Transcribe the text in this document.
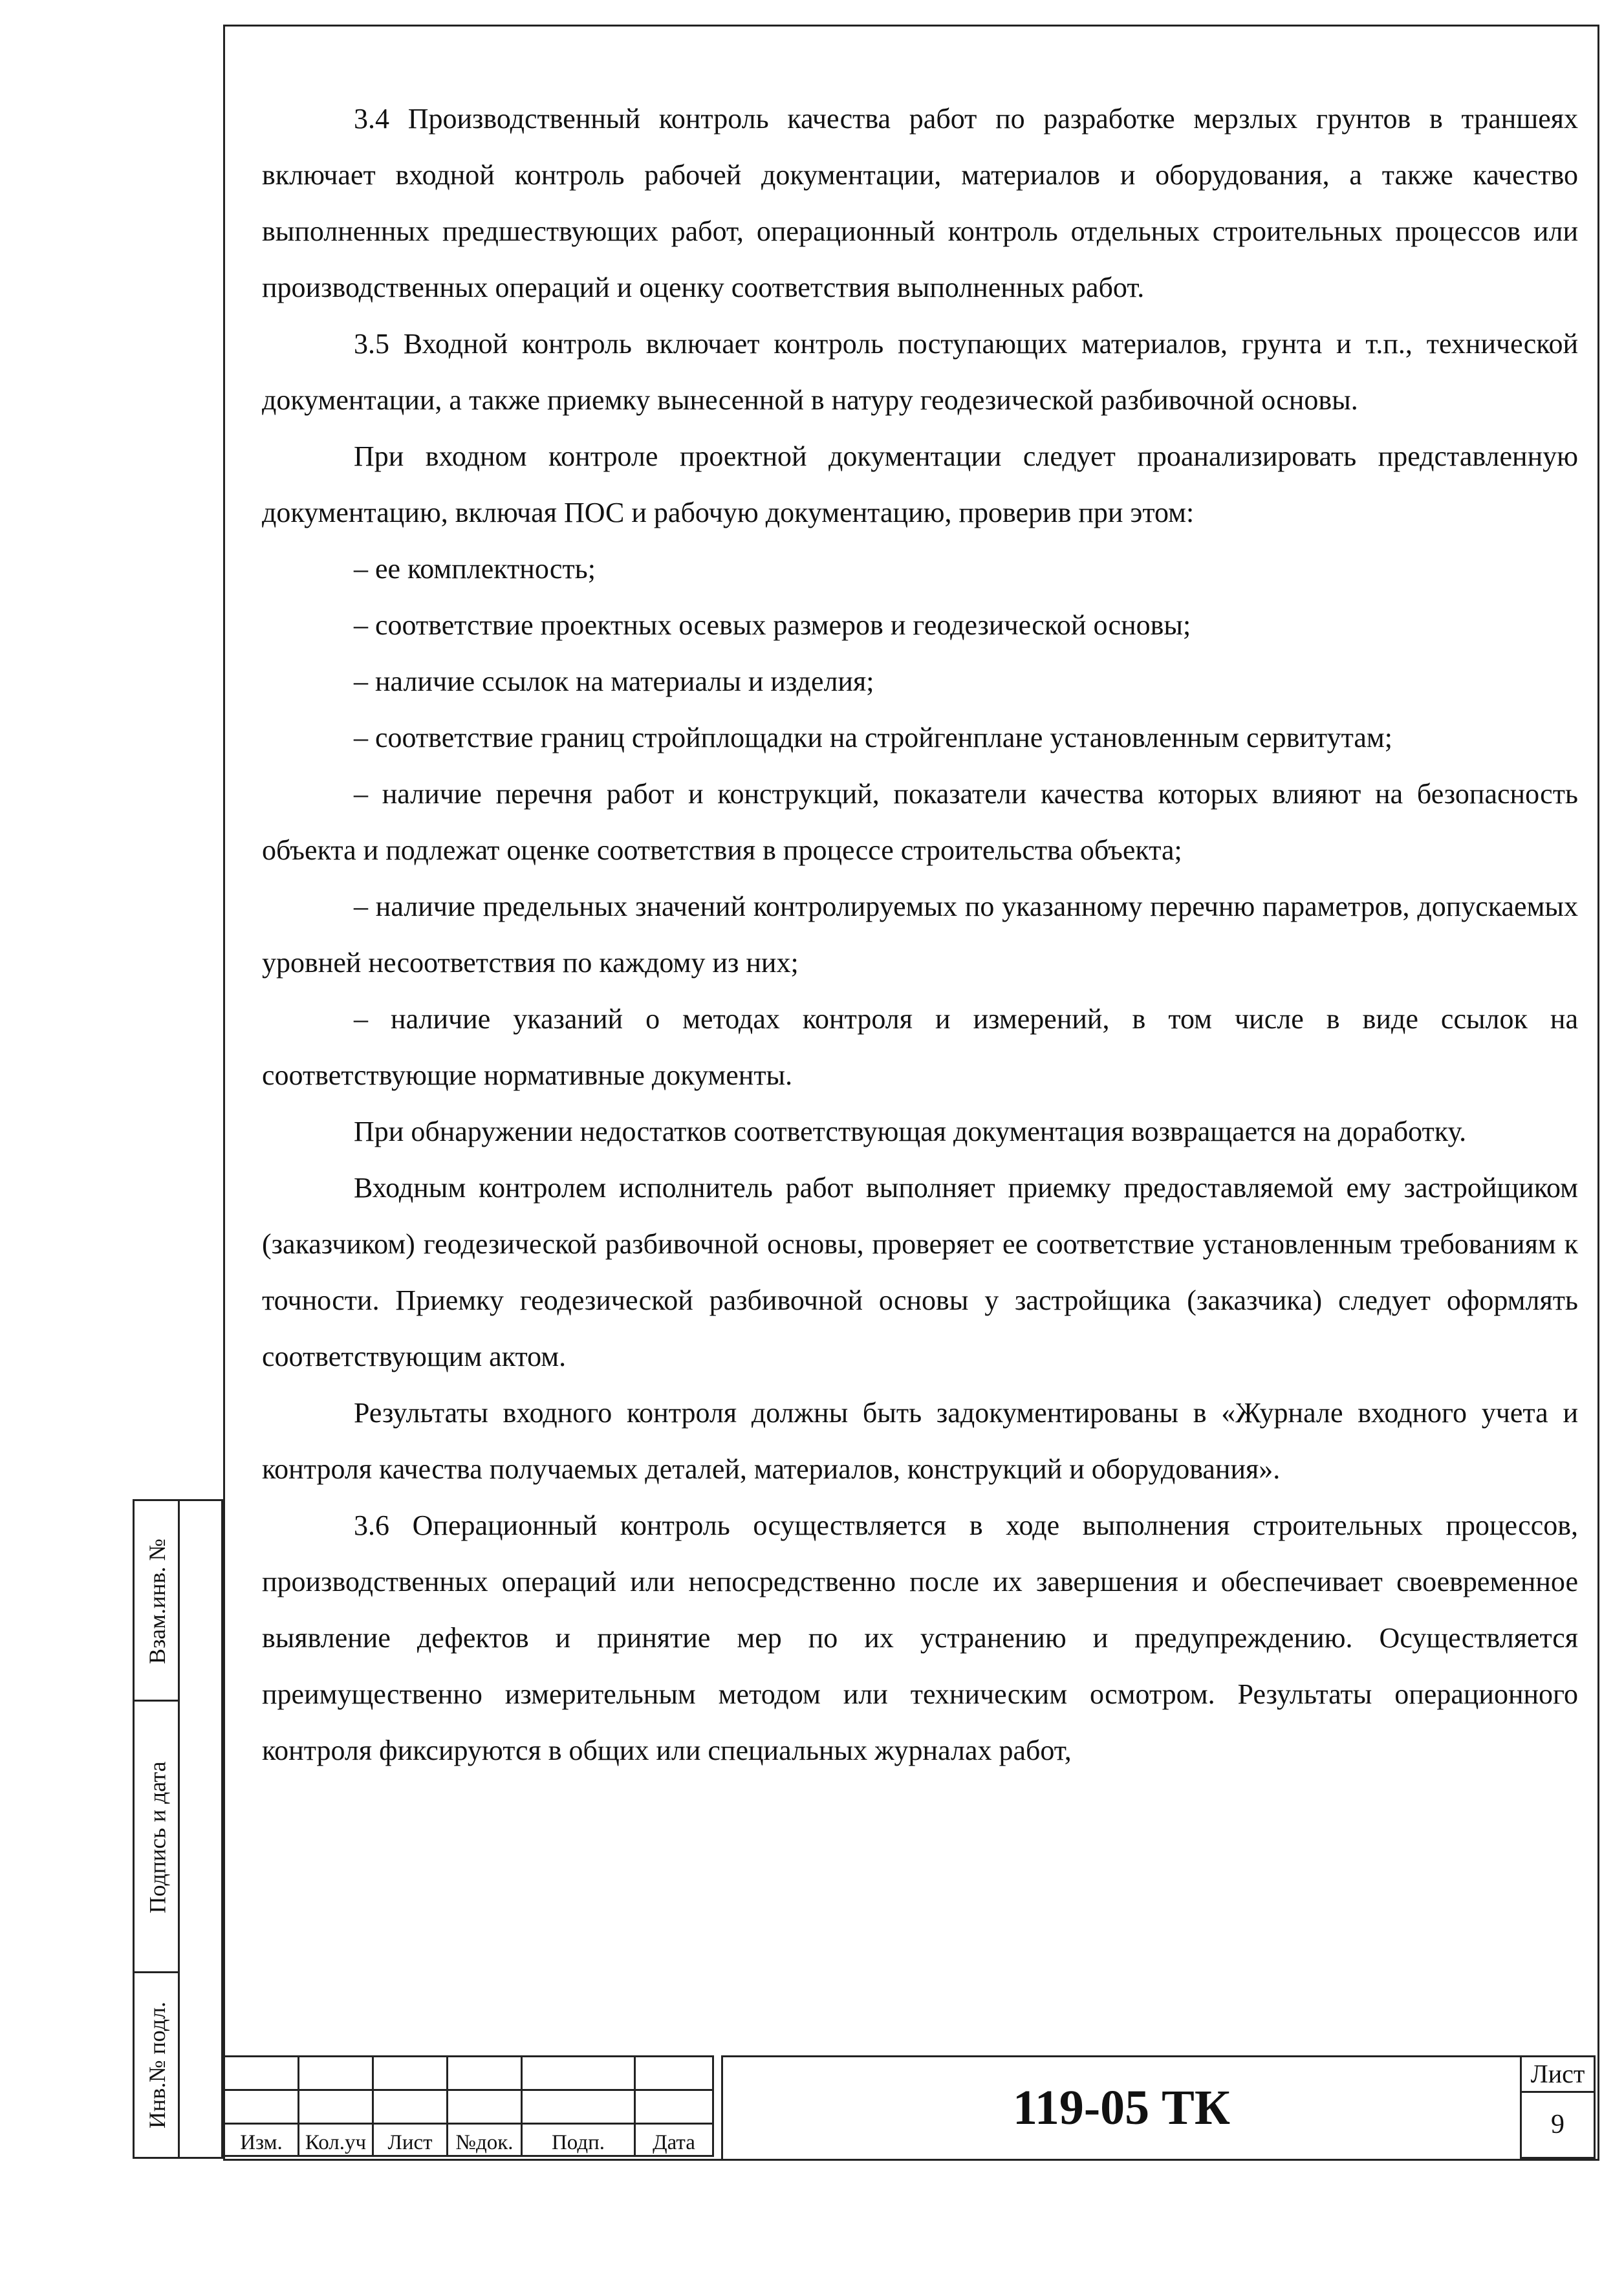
Взам.инв. №
Подпись и дата
Инв.№ подл.

3.4 Производственный контроль качества работ по разработке мерзлых грунтов в траншеях включает входной контроль рабочей документации, материалов и оборудования, а также качество выполненных предшествующих работ, операционный контроль отдельных строительных процессов или производственных операций и оценку соответствия выполненных работ.

3.5 Входной контроль включает контроль поступающих материалов, грунта и т.п., технической документации, а также приемку вынесенной в натуру геодезической разбивочной основы.

При входном контроле проектной документации следует проанализировать представленную документацию, включая ПОС и рабочую документацию, проверив при этом:

– ее комплектность;

– соответствие проектных осевых размеров и геодезической основы;

– наличие ссылок на материалы и изделия;

– соответствие границ стройплощадки на стройгенплане установленным сервитутам;

– наличие перечня работ и конструкций, показатели качества которых влияют на безопасность объекта и подлежат оценке соответствия в процессе строительства объекта;

– наличие предельных значений контролируемых по указанному перечню параметров, допускаемых уровней несоответствия по каждому из них;

– наличие указаний о методах контроля и измерений, в том числе в виде ссылок на соответствующие нормативные документы.

При обнаружении недостатков соответствующая документация возвращается на доработку.

Входным контролем исполнитель работ выполняет приемку предоставляемой ему застройщиком (заказчиком) геодезической разбивочной основы, проверяет ее соответствие установленным требованиям к точности. Приемку геодезической разбивочной основы у застройщика (заказчика) следует оформлять соответствующим актом.

Результаты входного контроля должны быть задокументированы в «Журнале входного учета и контроля качества получаемых деталей, материалов, конструкций и оборудования».

3.6 Операционный контроль осуществляется в ходе выполнения строительных процессов, производственных операций или непосредственно после их завершения и обеспечивает своевременное выявление дефектов и принятие мер по их устранению и предупреждению. Осуществляется преимущественно измерительным методом или техническим осмотром. Результаты операционного контроля фиксируются в общих или специальных журналах работ,

Изм.	Кол.уч	Лист	№док.	Подп.	Дата
119-05 ТК
Лист
9
